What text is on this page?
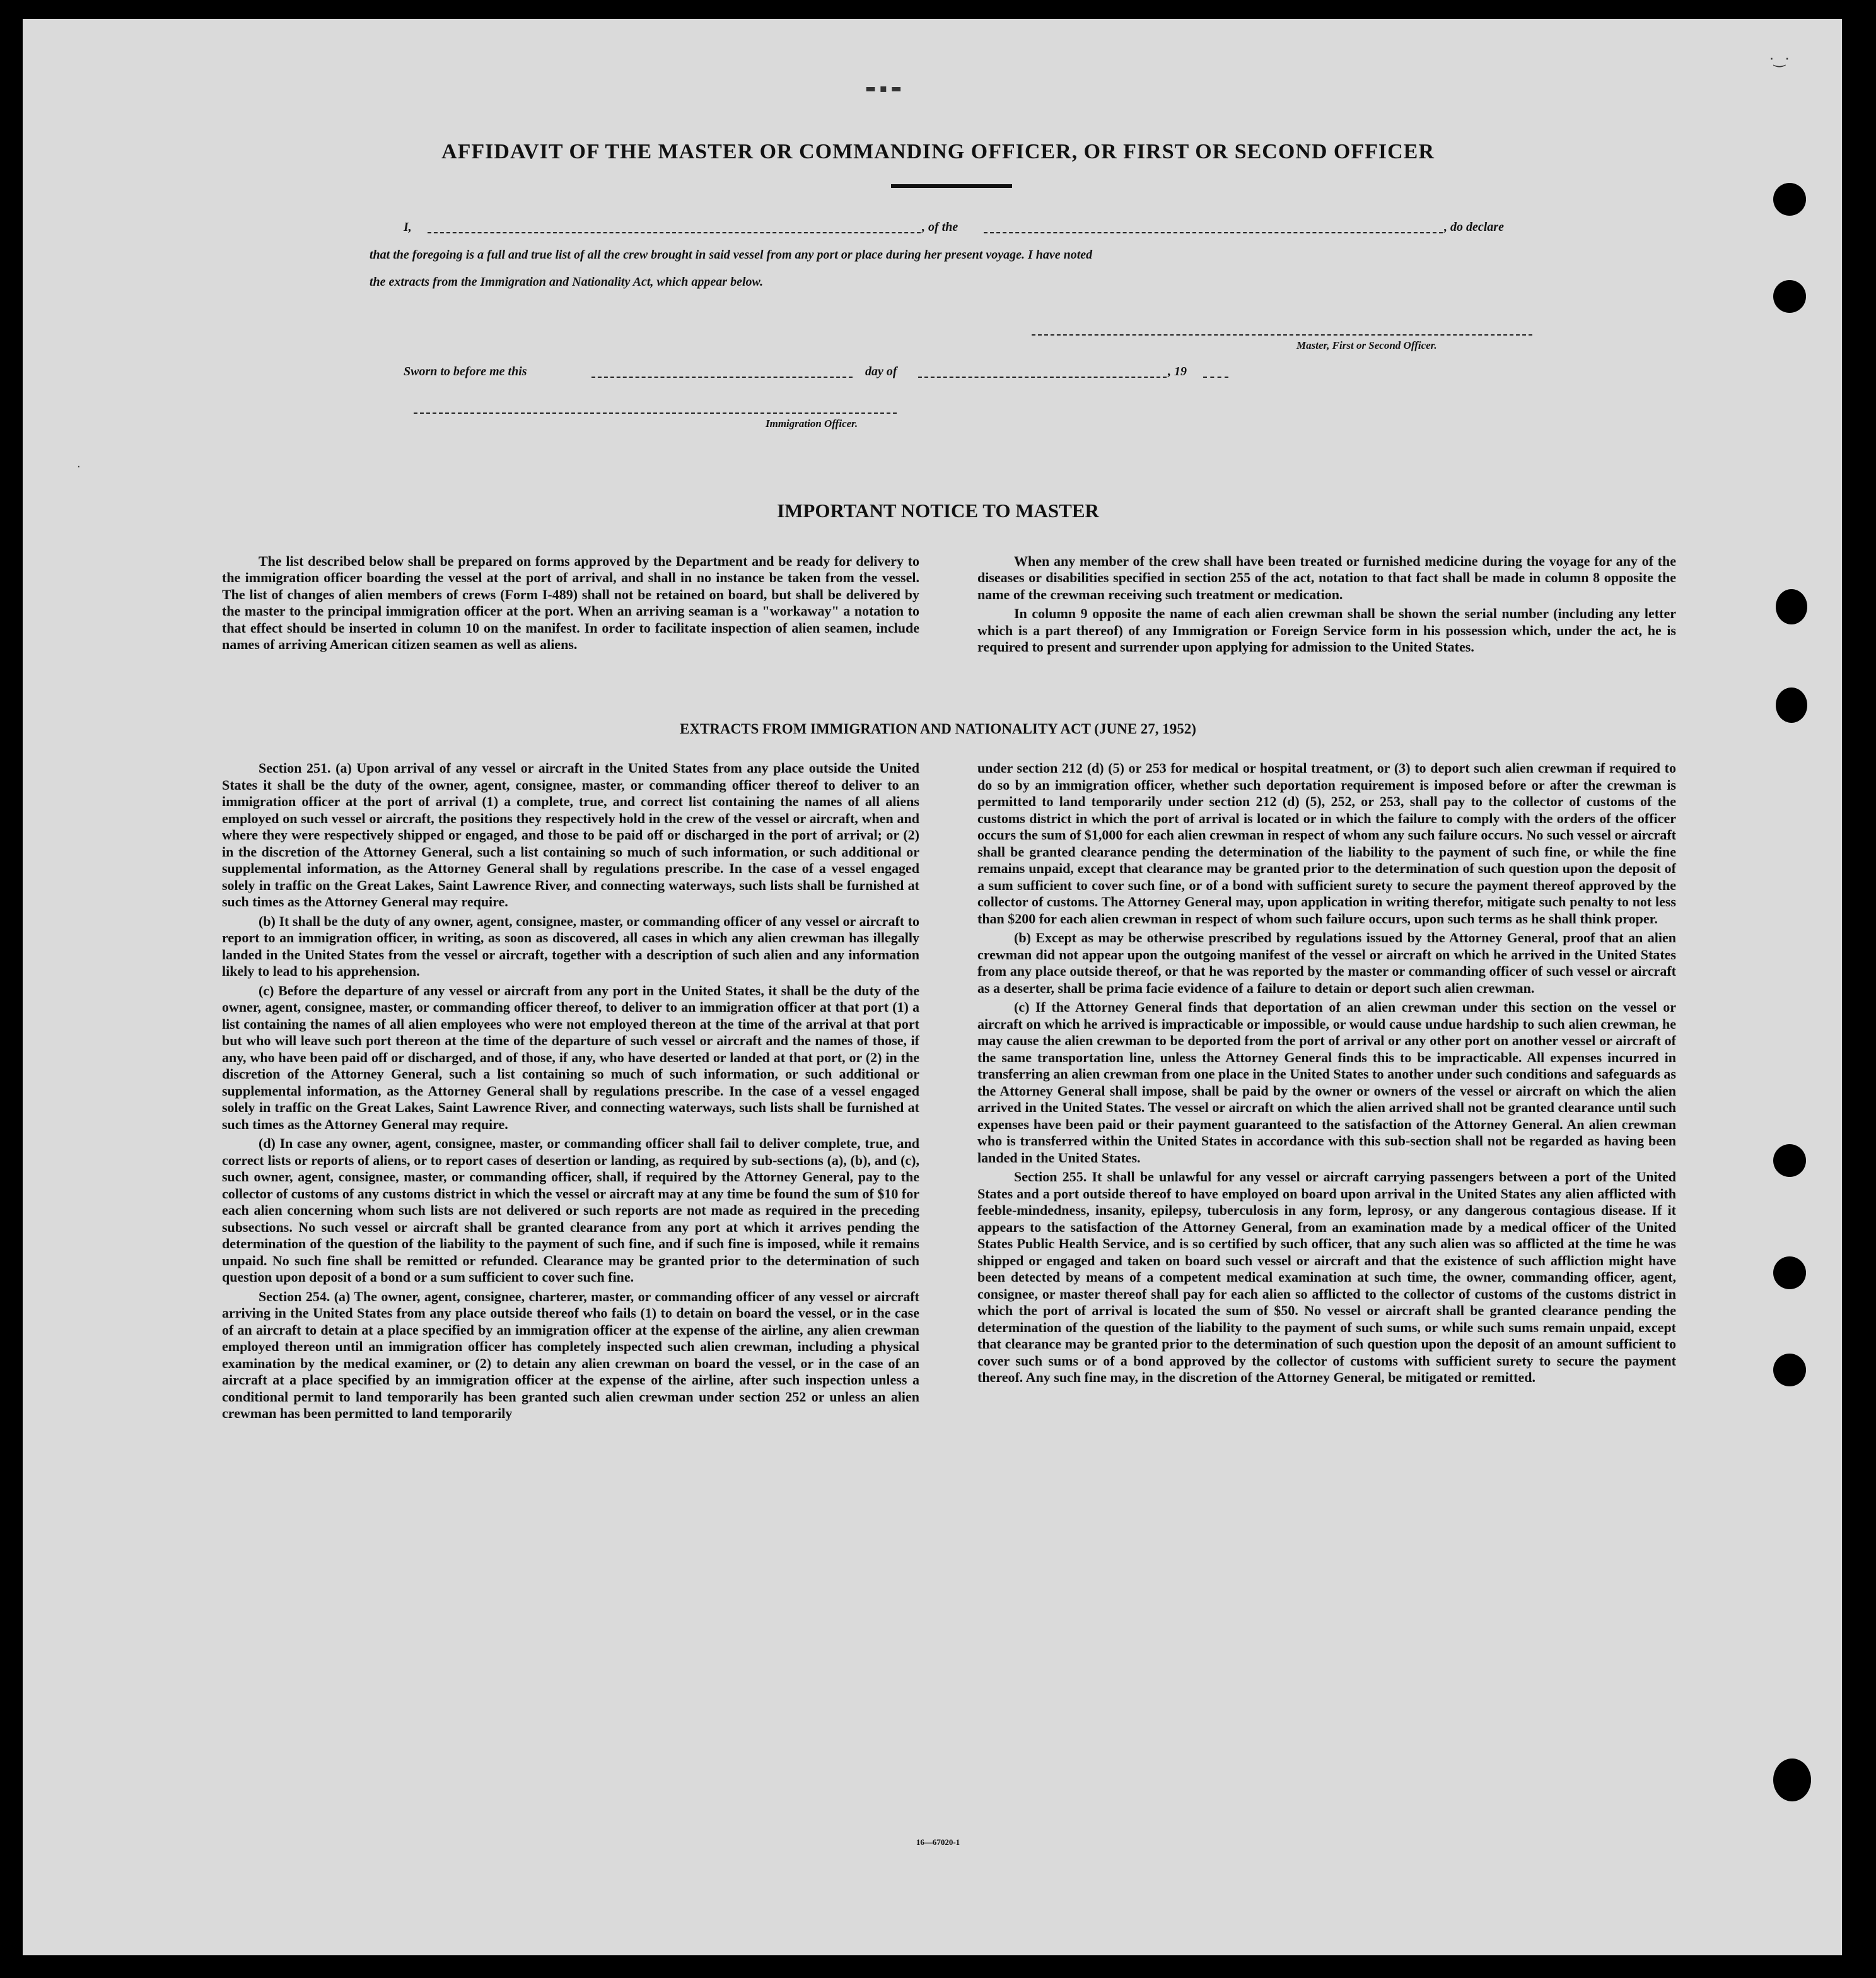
AFFIDAVIT OF THE MASTER OR COMMANDING OFFICER, OR FIRST OR SECOND OFFICER
I,	, of the	, do declare
that the foregoing is a full and true list of all the crew brought in said vessel from any port or place during her present voyage. I have noted
the extracts from the Immigration and Nationality Act, which appear below.
Master, First or Second Officer.
Sworn to before me this	day of	, 19
Immigration Officer.
IMPORTANT NOTICE TO MASTER

The list described below shall be prepared on forms approved by the Department and be ready for delivery to the immigration officer boarding the vessel at the port of arrival, and shall in no instance be taken from the vessel. The list of changes of alien members of crews (Form I-489) shall not be retained on board, but shall be delivered by the master to the principal immigration officer at the port. When an arriving seaman is a "workaway" a notation to that effect should be inserted in column 10 on the manifest. In order to facilitate inspection of alien seamen, include names of arriving American citizen seamen as well as aliens.

When any member of the crew shall have been treated or furnished medicine during the voyage for any of the diseases or disabilities specified in section 255 of the act, notation to that fact shall be made in column 8 opposite the name of the crewman receiving such treatment or medication.

In column 9 opposite the name of each alien crewman shall be shown the serial number (including any letter which is a part thereof) of any Immigration or Foreign Service form in his possession which, under the act, he is required to present and surrender upon applying for admission to the United States.

EXTRACTS FROM IMMIGRATION AND NATIONALITY ACT (JUNE 27, 1952)

Section 251. (a) Upon arrival of any vessel or aircraft in the United States from any place outside the United States it shall be the duty of the owner, agent, consignee, master, or commanding officer thereof to deliver to an immigration officer at the port of arrival (1) a complete, true, and correct list containing the names of all aliens employed on such vessel or aircraft, the positions they respectively hold in the crew of the vessel or aircraft, when and where they were respectively shipped or engaged, and those to be paid off or discharged in the port of arrival; or (2) in the discretion of the Attorney General, such a list containing so much of such information, or such additional or supplemental information, as the Attorney General shall by regulations prescribe. In the case of a vessel engaged solely in traffic on the Great Lakes, Saint Lawrence River, and connecting waterways, such lists shall be furnished at such times as the Attorney General may require.

(b) It shall be the duty of any owner, agent, consignee, master, or commanding officer of any vessel or aircraft to report to an immigration officer, in writing, as soon as discovered, all cases in which any alien crewman has illegally landed in the United States from the vessel or aircraft, together with a description of such alien and any information likely to lead to his apprehension.

(c) Before the departure of any vessel or aircraft from any port in the United States, it shall be the duty of the owner, agent, consignee, master, or commanding officer thereof, to deliver to an immigration officer at that port (1) a list containing the names of all alien employees who were not employed thereon at the time of the arrival at that port but who will leave such port thereon at the time of the departure of such vessel or aircraft and the names of those, if any, who have been paid off or discharged, and of those, if any, who have deserted or landed at that port, or (2) in the discretion of the Attorney General, such a list containing so much of such information, or such additional or supplemental information, as the Attorney General shall by regulations prescribe. In the case of a vessel engaged solely in traffic on the Great Lakes, Saint Lawrence River, and connecting waterways, such lists shall be furnished at such times as the Attorney General may require.

(d) In case any owner, agent, consignee, master, or commanding officer shall fail to deliver complete, true, and correct lists or reports of aliens, or to report cases of desertion or landing, as required by sub-sections (a), (b), and (c), such owner, agent, consignee, master, or commanding officer, shall, if required by the Attorney General, pay to the collector of customs of any customs district in which the vessel or aircraft may at any time be found the sum of $10 for each alien concerning whom such lists are not delivered or such reports are not made as required in the preceding subsections. No such vessel or aircraft shall be granted clearance from any port at which it arrives pending the determination of the question of the liability to the payment of such fine, and if such fine is imposed, while it remains unpaid. No such fine shall be remitted or refunded. Clearance may be granted prior to the determination of such question upon deposit of a bond or a sum sufficient to cover such fine.

Section 254. (a) The owner, agent, consignee, charterer, master, or commanding officer of any vessel or aircraft arriving in the United States from any place outside thereof who fails (1) to detain on board the vessel, or in the case of an aircraft to detain at a place specified by an immigration officer at the expense of the airline, any alien crewman employed thereon until an immigration officer has completely inspected such alien crewman, including a physical examination by the medical examiner, or (2) to detain any alien crewman on board the vessel, or in the case of an aircraft at a place specified by an immigration officer at the expense of the airline, after such inspection unless a conditional permit to land temporarily has been granted such alien crewman under section 252 or unless an alien crewman has been permitted to land temporarily

under section 212 (d) (5) or 253 for medical or hospital treatment, or (3) to deport such alien crewman if required to do so by an immigration officer, whether such deportation requirement is imposed before or after the crewman is permitted to land temporarily under section 212 (d) (5), 252, or 253, shall pay to the collector of customs of the customs district in which the port of arrival is located or in which the failure to comply with the orders of the officer occurs the sum of $1,000 for each alien crewman in respect of whom any such failure occurs. No such vessel or aircraft shall be granted clearance pending the determination of the liability to the payment of such fine, or while the fine remains unpaid, except that clearance may be granted prior to the determination of such question upon the deposit of a sum sufficient to cover such fine, or of a bond with sufficient surety to secure the payment thereof approved by the collector of customs. The Attorney General may, upon application in writing therefor, mitigate such penalty to not less than $200 for each alien crewman in respect of whom such failure occurs, upon such terms as he shall think proper.

(b) Except as may be otherwise prescribed by regulations issued by the Attorney General, proof that an alien crewman did not appear upon the outgoing manifest of the vessel or aircraft on which he arrived in the United States from any place outside thereof, or that he was reported by the master or commanding officer of such vessel or aircraft as a deserter, shall be prima facie evidence of a failure to detain or deport such alien crewman.

(c) If the Attorney General finds that deportation of an alien crewman under this section on the vessel or aircraft on which he arrived is impracticable or impossible, or would cause undue hardship to such alien crewman, he may cause the alien crewman to be deported from the port of arrival or any other port on another vessel or aircraft of the same transportation line, unless the Attorney General finds this to be impracticable. All expenses incurred in transferring an alien crewman from one place in the United States to another under such conditions and safeguards as the Attorney General shall impose, shall be paid by the owner or owners of the vessel or aircraft on which the alien arrived in the United States. The vessel or aircraft on which the alien arrived shall not be granted clearance until such expenses have been paid or their payment guaranteed to the satisfaction of the Attorney General. An alien crewman who is transferred within the United States in accordance with this sub-section shall not be regarded as having been landed in the United States.

Section 255. It shall be unlawful for any vessel or aircraft carrying passengers between a port of the United States and a port outside thereof to have employed on board upon arrival in the United States any alien afflicted with feeble-mindedness, insanity, epilepsy, tuberculosis in any form, leprosy, or any dangerous contagious disease. If it appears to the satisfaction of the Attorney General, from an examination made by a medical officer of the United States Public Health Service, and is so certified by such officer, that any such alien was so afflicted at the time he was shipped or engaged and taken on board such vessel or aircraft and that the existence of such affliction might have been detected by means of a competent medical examination at such time, the owner, commanding officer, agent, consignee, or master thereof shall pay for each alien so afflicted to the collector of customs of the customs district in which the port of arrival is located the sum of $50. No vessel or aircraft shall be granted clearance pending the determination of the question of the liability to the payment of such sums, or while such sums remain unpaid, except that clearance may be granted prior to the determination of such question upon the deposit of an amount sufficient to cover such sums or of a bond approved by the collector of customs with sufficient surety to secure the payment thereof. Any such fine may, in the discretion of the Attorney General, be mitigated or remitted.

16—67020-1
▬ ▪ ▬
·‿·
·
